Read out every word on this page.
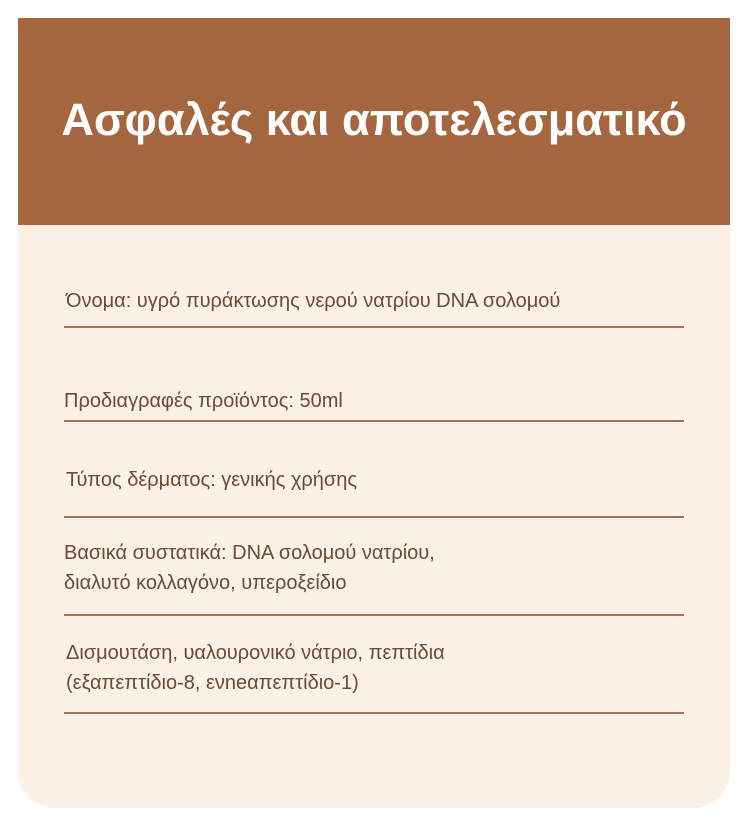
Ασφαλές και αποτελεσματικό
Όνομα: υγρό πυράκτωσης νερού νατρίου DNA σολομού
Προδιαγραφές προϊόντος: 50ml
Τύπος δέρματος: γενικής χρήσης
Βασικά συστατικά: DNA σολομού νατρίου,
διαλυτό κολλαγόνο, υπεροξείδιο
Δισμουτάση, υαλουρονικό νάτριο, πεπτίδια
(εξαπεπτίδιο-8, ενneαπεπτίδιο-1)
